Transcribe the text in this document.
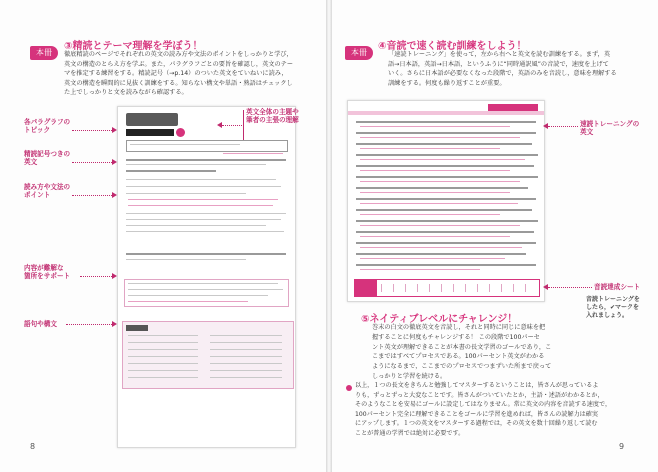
本冊
③精読とテーマ理解を学ぼう！

徹底精読のページでそれぞれの英文の読み方や文法のポイントをしっかりと学び，

英文の構造のとらえ方を学ぶ。また，パラグラフごとの要旨を確認し，英文のテー

マを推定する練習をする。精読記号（→p.14）のついた英文をていねいに読み，

英文の構造を瞬間的に見抜く訓練をする。知らない構文や単語・熟語はチェックし

た上でしっかりと文を読みながら確認する。

各パラグラフの
トピック
精読記号つきの
英文
読み方や文法の
ポイント
内容が難解な
箇所をサポート
語句や構文
英文全体の主題や
筆者の主張の理解
8
本冊
④音読で速く読む訓練をしよう！

「速読トレーニング」を使って，左から右へと英文を読む訓練をする。まず，英

語→日本語，英語→日本語，というふうに“同時通訳風”の音読で，速度を上げて

いく。さらに日本語が必要なくなった段階で，英語のみを音読し，意味を理解する

訓練をする。何度も繰り返すことが重要。

速読トレーニングの
英文
音読達成シート

音読トレーニングを

したら，✔マークを

入れましょう。

⑤ネイティブレベルにチャレンジ！

巻末の白文の徹底英文を音読し，それと同時に同じに意味を把

握することに何度もチャレンジする！ この段階で100パーセ

ント英文が理解できることが本書の長文学習のゴールであり，こ

こまではすべてプロセスである。100パーセント英文がわかる

ようになるまで，ここまでのプロセスでつまずいた所まで戻って

しっかりと学習を続ける。

以上，１つの長文をきちんと勉強してマスターするということは，皆さんが思っているよ

りも，ずっとずっと大変なことです。皆さんがついていたとか，主語・述語がわかるとか，

そのようなことを安易にゴールに設定してはなりません。常に英文の内容を音読する速度で，

100パーセント完全に理解できることをゴールに学習を進めれば，皆さんの読解力は確実

にアップします。１つの英文をマスターする過程では，その英文を数十回繰り返して読む

ことが普通の学習では絶対に必要です。

9
